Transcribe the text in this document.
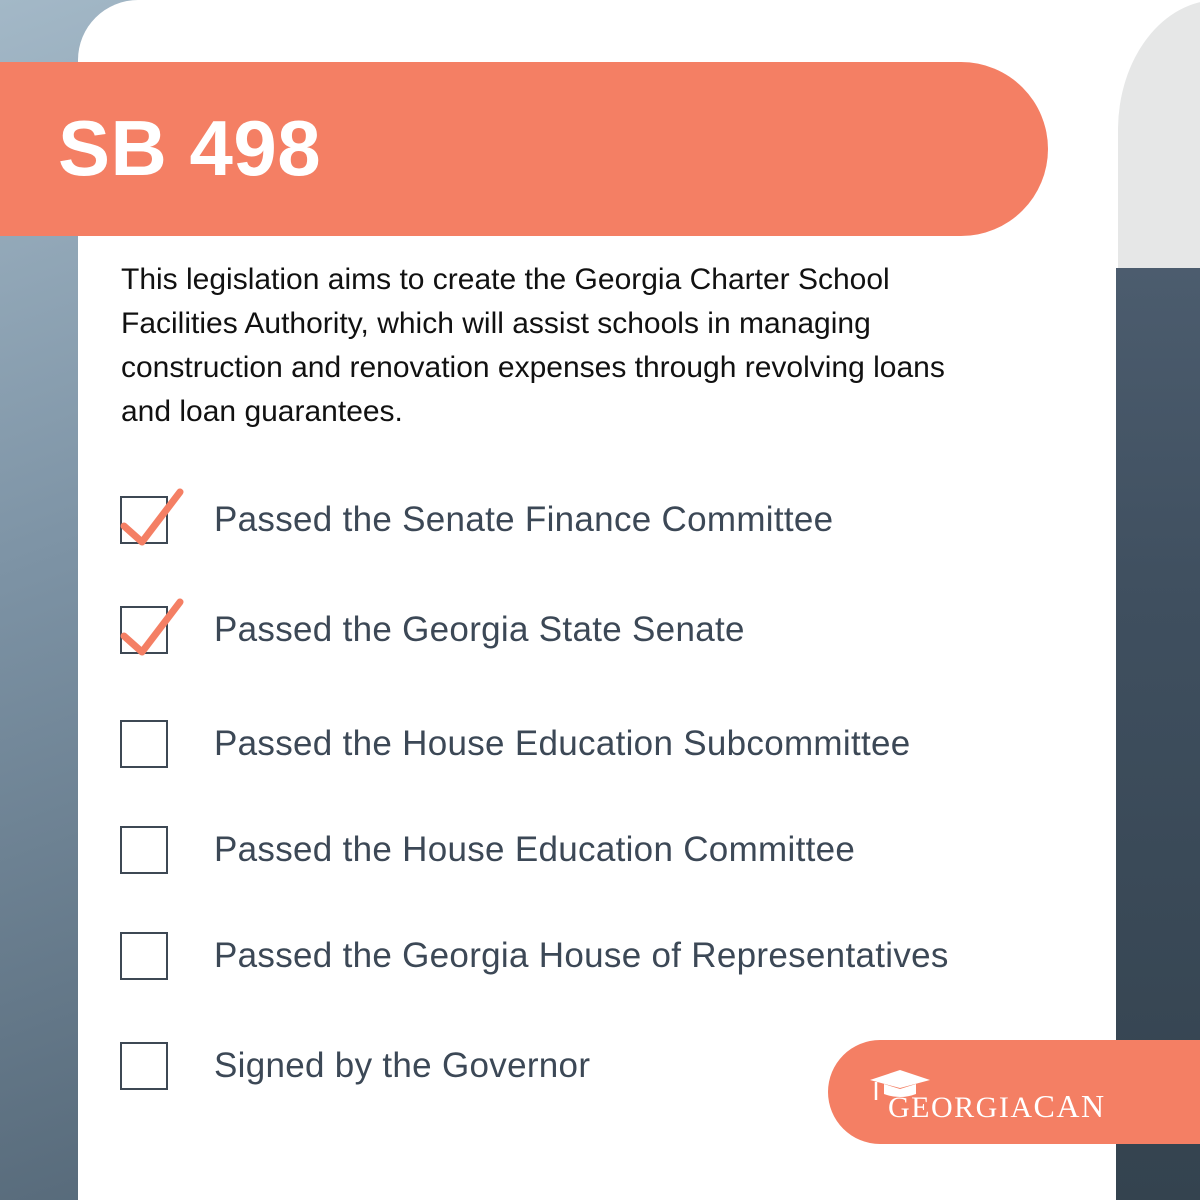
SB 498
This legislation aims to create the Georgia Charter School Facilities Authority, which will assist schools in managing construction and renovation expenses through revolving loans and loan guarantees.
Passed the Senate Finance Committee
Passed the Georgia State Senate
Passed the House Education Subcommittee
Passed the House Education Committee
Passed the Georgia House of Representatives
Signed by the Governor
GEORGIACAN
